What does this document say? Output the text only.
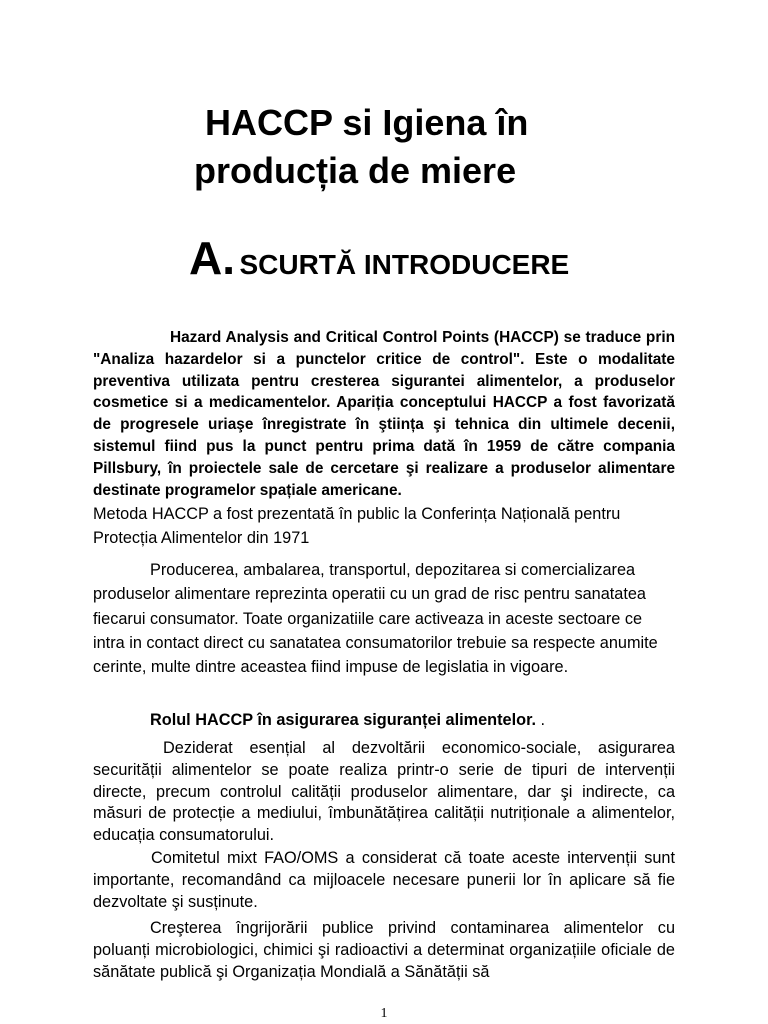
HACCP si Igiena în
producția de miere
A. SCURTĂ INTRODUCERE
Hazard Analysis and Critical Control Points (HACCP) se traduce prin "Analiza hazardelor si a punctelor critice de control". Este o modalitate preventiva utilizata pentru cresterea sigurantei alimentelor, a produselor cosmetice si a medicamentelor. Apariția conceptului HACCP a fost favorizată de progresele uriaşe înregistrate în ştiința şi tehnica din ultimele decenii, sistemul fiind pus la punct pentru prima dată în 1959 de către compania Pillsbury, în proiectele sale de cercetare şi realizare a produselor alimentare destinate programelor spațiale americane.
Metoda HACCP a fost prezentată în public la Conferința Națională pentru Protecția Alimentelor din 1971
Producerea, ambalarea, transportul, depozitarea si comercializarea produselor alimentare reprezinta operatii cu un grad de risc pentru sanatatea fiecarui consumator. Toate organizatiile care activeaza in aceste sectoare ce intra in contact direct cu sanatatea consumatorilor trebuie sa respecte anumite cerinte, multe dintre aceastea fiind impuse de legislatia in vigoare.
Rolul HACCP în asigurarea siguranței alimentelor. .
Deziderat esențial al dezvoltării economico-sociale, asigurarea securității alimentelor se poate realiza printr-o serie de tipuri de intervenții directe, precum controlul calității produselor alimentare, dar şi indirecte, ca măsuri de protecție a mediului, îmbunătățirea calității nutriționale a alimentelor, educația consumatorului.
Comitetul mixt FAO/OMS a considerat că toate aceste intervenții sunt importante, recomandând ca mijloacele necesare punerii lor în aplicare să fie dezvoltate şi susținute.
Creşterea îngrijorării publice privind contaminarea alimentelor cu poluanți microbiologici, chimici şi radioactivi a determinat organizațiile oficiale de sănătate publică şi Organizația Mondială a Sănătății să
1
